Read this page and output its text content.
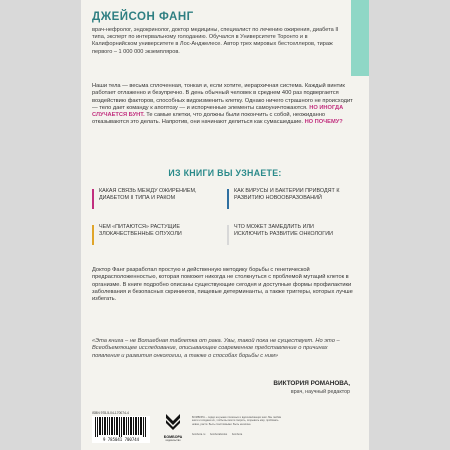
ДЖЕЙСОН ФАНГ
врач-нефролог, эндокринолог, доктор медицины, специалист по лечению ожирения, диабета II типа, эксперт по интервальному голоданию. Обучался в Университете Торонто и в Калифорнийском университете в Лос-Анджелесе. Автор трех мировых бестселлеров, тираж первого – 1 000 000 экземпляров.
Наши тела — весьма сплоченная, тонкая и, если хотите, иерархичная система. Каждый винтик работает отлаженно и безупречно. В день обычный человек в среднем 400 раз подвергается воздействию факторов, способных видоизменить клетку. Однако ничего страшного не происходит — тело дает команду к апоптозу — и испорченные элементы самоуничтожаются. НО ИНОГДА СЛУЧАЕТСЯ БУНТ. Те самые клетки, что должны были покончить с собой, неожиданно отказываются это делать. Напротив, они начинают делиться как сумасшедшие. НО ПОЧЕМУ?
ИЗ КНИГИ ВЫ УЗНАЕТЕ:
КАКАЯ СВЯЗЬ МЕЖДУ ОЖИРЕНИЕМ, ДИАБЕТОМ II ТИПА И РАКОМ
КАК ВИРУСЫ И БАКТЕРИИ ПРИВОДЯТ К РАЗВИТИЮ НОВООБРАЗОВАНИЙ
ЧЕМ «ПИТАЮТСЯ» РАСТУЩИЕ ЗЛОКАЧЕСТВЕННЫЕ ОПУХОЛИ
ЧТО МОЖЕТ ЗАМЕДЛИТЬ ИЛИ ИСКЛЮЧИТЬ РАЗВИТИЕ ОНКОЛОГИИ
Доктор Фанг разработал простую и действенную методику борьбы с генетической предрасположенностью, которая поможет никогда не столкнуться с проблемой мутаций клеток в организме. В книге подробно описаны существующие сегодня и доступные формы профилактики заболевания и безопасных скринингов, пищевые детерминанты, а также триггеры, которых лучше избегать.
«Эта книга – не Волшебная таблетка от рака. Увы, такой пока не существует. Но это – Всеобъемлющее исследование, описывающее современное представление о причинах появления и развития онкологии, а также о способах борьбы с ним»
ВИКТОРИЯ РОМАНОВА,
врач, научный редактор
ISBN 978-5-04-170074-4
9 785041 700744	БОМБОРА
издательство
БОМБОРА – лидер на рынке полезных и вдохновляющих книг. Мы любим книги и создаем их, чтобы вы могли творить, открывать мир, пробовать новое, расти. Быть счастливыми. Быть на волне.
bombora.ru bomborabooks bombora
